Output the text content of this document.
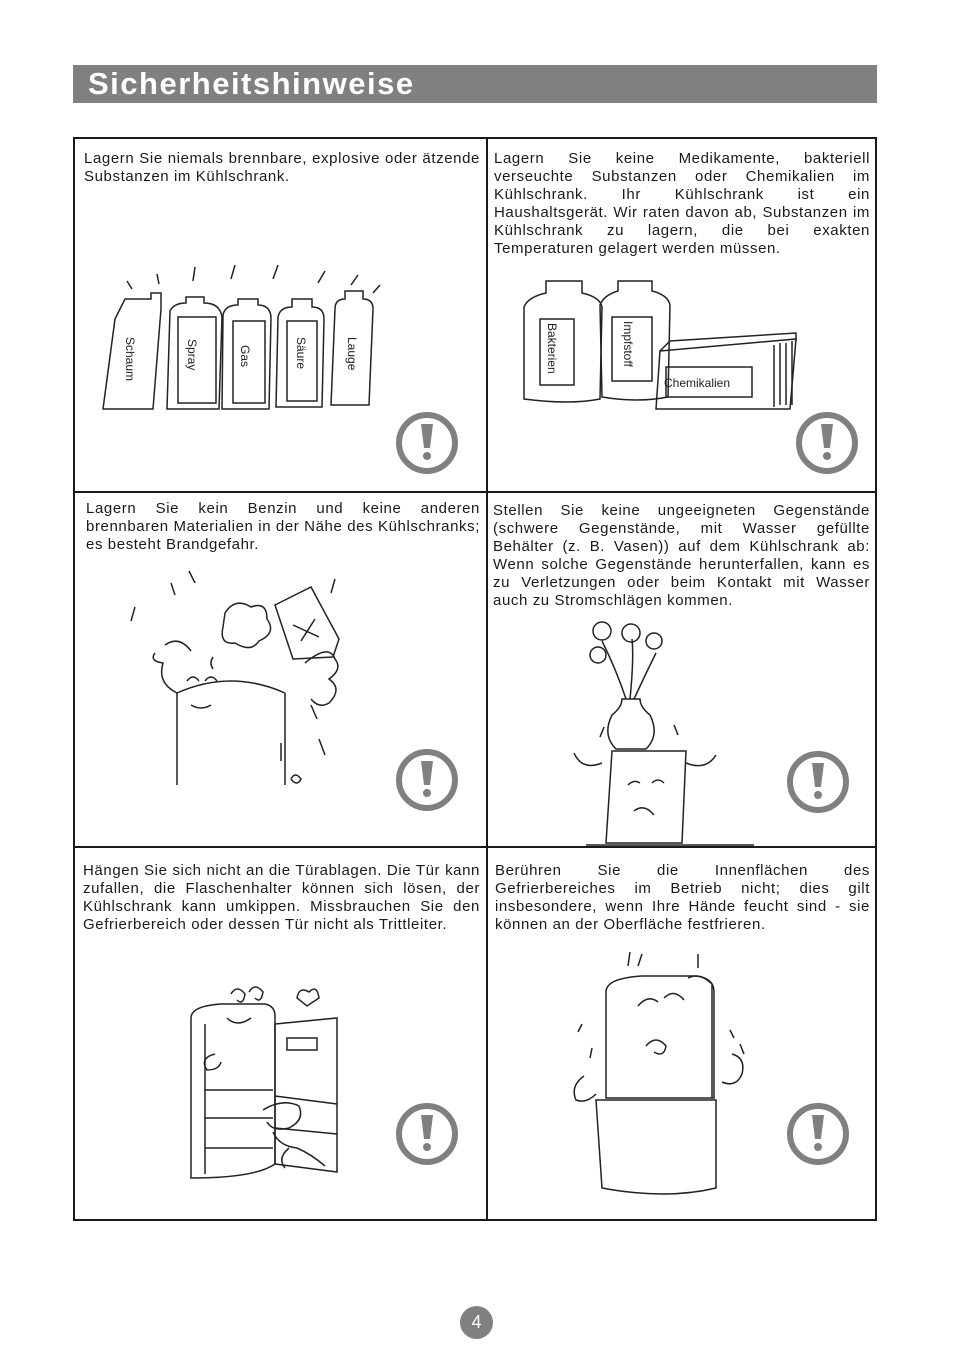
Sicherheitshinweise

Lagern Sie niemals brennbare, explosive oder ätzende Substanzen im Kühlschrank.

Schaum	Spray	Gas	Säure	Lauge

Lagern Sie keine Medikamente, bakteriell verseuchte Substanzen oder Chemikalien im Kühlschrank. Ihr Kühlschrank ist ein Haushaltsgerät. Wir raten davon ab, Substanzen im Kühlschrank zu lagern, die bei exakten Temperaturen gelagert werden müssen.

Bakterien	Impfstoff
Chemikalien

Lagern Sie kein Benzin und keine anderen brennbaren Materialien in der Nähe des Kühlschranks; es besteht Brandgefahr.

Stellen Sie keine ungeeigneten Gegenstände (schwere Gegenstände, mit Wasser gefüllte Behälter (z. B. Vasen)) auf dem Kühlschrank ab: Wenn solche Gegenstände herunterfallen, kann es zu Verletzungen oder beim Kontakt mit Wasser auch zu Stromschlägen kommen.

Hängen Sie sich nicht an die Türablagen. Die Tür kann zufallen, die Flaschenhalter können sich lösen, der Kühlschrank kann umkippen. Missbrauchen Sie den Gefrierbereich oder dessen Tür nicht als Trittleiter.

Berühren Sie die Innenflächen des Gefrierbereiches im Betrieb nicht; dies gilt insbesondere, wenn Ihre Hände feucht sind - sie können an der Oberfläche festfrieren.

4
